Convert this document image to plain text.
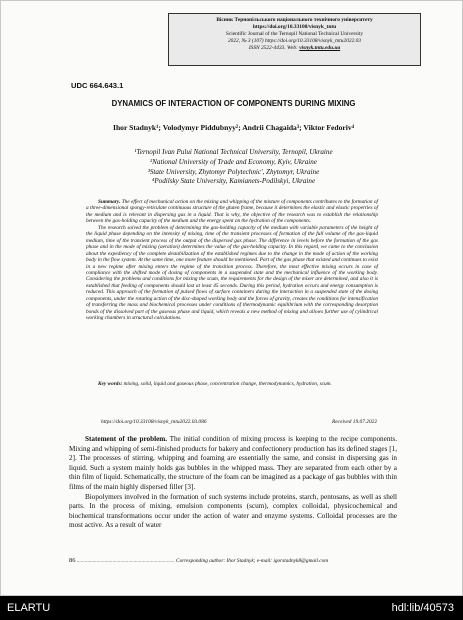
Вісник Тернопільського національного технічного університету
https://doi.org/10.33108/visnyk_tntu
Scientific Journal of the Ternopil National Technical University
2022, № 3 (107) https://doi.org/10.33108/visnyk_tntu2022.03
ISSN 2522-4433. Web: visnyk.tntu.edu.ua
UDC 664.643.1
DYNAMICS OF INTERACTION OF COMPONENTS DURING MIXING
Ihor Stadnyk¹; Volodymyr Piddubnyy²; Andrii Chagaida³; Viktor Fedoriv⁴
¹Ternopil Ivan Pului National Technical University, Ternopil, Ukraine
²National University of Trade and Economy, Kyiv, Ukraine
³State University, Zhytomyr Polytechnic', Zhytomyr, Ukraine
⁴Podilsky State University, Kamianets-Podilskyi, Ukraine

Summary. The effect of mechanical action on the mixing and whipping of the mixture of components contributes to the formation of a three-dimensional spongy-reticulate continuous structure of the gluten frame, because it determines the elastic and elastic properties of the medium and is relevant in dispersing gas in a liquid. That is why, the objective of the research was to establish the relationship between the gas-holding capacity of the medium and the energy spent on the hydration of the components.

The research solved the problem of determining the gas-holding capacity of the medium with variable parameters of the height of the liquid phase depending on the intensity of mixing, time of the transient processes of formation of the full volume of the gas-liquid medium, time of the transient process of the output of the dispersed gas phase. The difference in levels before the formation of the gas phase and in the mode of mixing (aeration) determines the value of the gas-holding capacity. In this regard, we came to the conclusion about the expediency of the complete destabilization of the established regimes due to the change in the mode of action of the working body in the flow system. At the same time, one more feature should be mentioned. Part of the gas phase that existed and continues to exist in a new regime after mixing enters the regime of the transition process. Therefore, the most effective mixing occurs in case of compliance with the shifted mode of dosing of components in a suspended state and the mechanical influence of the working body. Considering the problems and conditions for mixing the scum, the requirements for the design of the mixer are determined, and also it is established that feeding of components should last at least 45 seconds. During this period, hydration occurs and energy consumption is reduced. This approach of the formation of pulsed flows of surface containers during the interaction in a suspended state of the dosing components, under the rotating action of the disc-shaped working body and the forces of gravity, creates the conditions for intensification of transferring the mass and biochemical processes under conditions of thermodynamic equilibrium with the corresponding desorption bonds of the dissolved part of the gaseous phase and liquid, which reveals a new method of mixing and allows further use of cylindrical working chambers in structural calculations.

Key words: mixing, solid, liquid and gaseous phase, concentration change, thermodynamics, hydration, scum.
https://doi.org/10.33108/visnyk_tntu2022.03.086	Received 19.07.2022

Statement of the problem. The initial condition of mixing process is keeping to the recipe components. Mixing and whipping of semi-finished products for bakery and confectionery production has its defined stages [1, 2]. The processes of stirring, whipping and foaming are essentially the same, and consist in dispersing gas in liquid. Such a system mainly holds gas bubbles in the whipped mass. They are separated from each other by a thin film of liquid. Schematically, the structure of the foam can be imagined as a package of gas bubbles with thin films of the main highly dispersed filler [3].

Biopolymers involved in the formation of such systems include proteins, starch, pentosans, as well as shell parts. In the process of mixing, emulsion components (scum), complex colloidal, physicochemical and biochemical transformations occur under the action of water and enzyme systems. Colloidal processes are the most active. As a result of water

86 .......................................................................... Corresponding author: Ihor Stadnyk; e-mail: igorstadnyk8@gmail.com
ELARTU	hdl:lib/40573
